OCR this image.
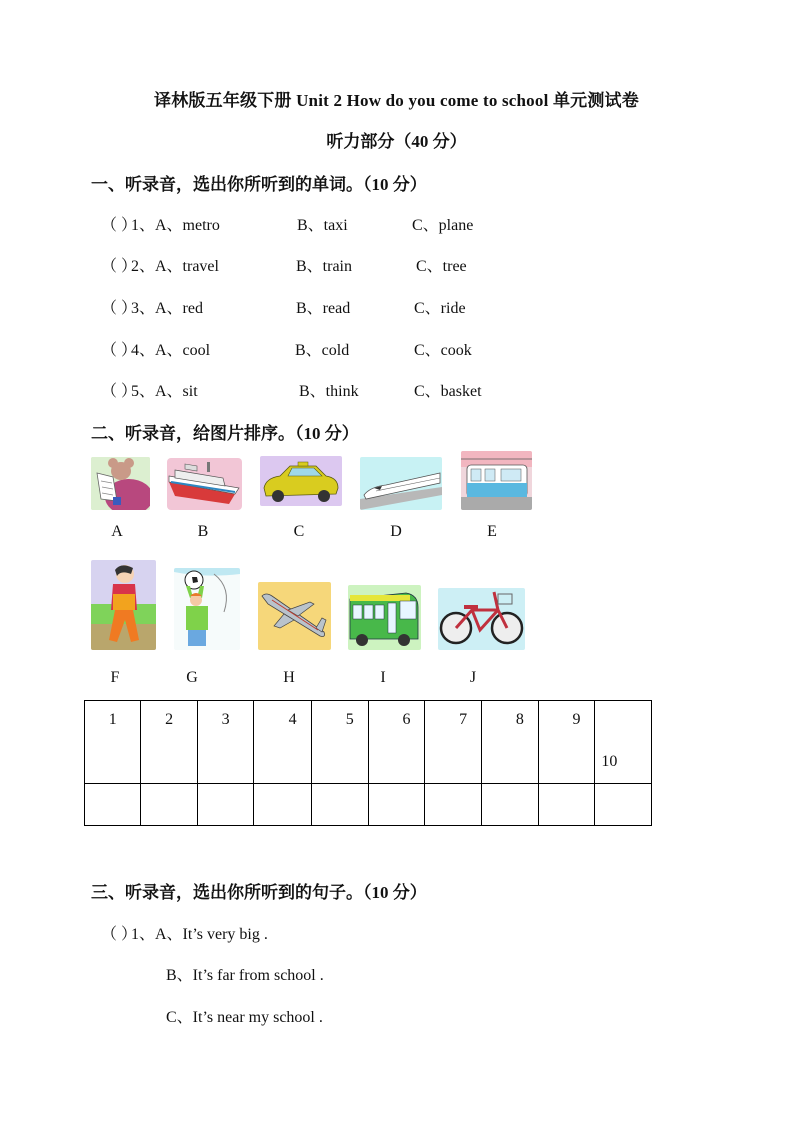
译林版五年级下册 Unit 2 How do you come to school 单元测试卷
听力部分（40 分）
一、听录音，选出你所听到的单词。（10 分）
（ ）
1、A、metro	B、taxi	C、plane
（ ）
2、A、travel	B、train	C、tree
（ ）
3、A、red	B、read	C、ride
（ ）
4、A、cool	B、cold	C、cook
（ ）
5、A、sit	B、think	C、basket
二、听录音，给图片排序。（10 分）
A	B	C	D	E
F	G	H	I	J
1	2	3	4	5	6	7	8	9	10

三、听录音，选出你所听到的句子。（10 分）
（ ）
1、A、It’s very big .
B、It’s far from school .
C、It’s near my school .
